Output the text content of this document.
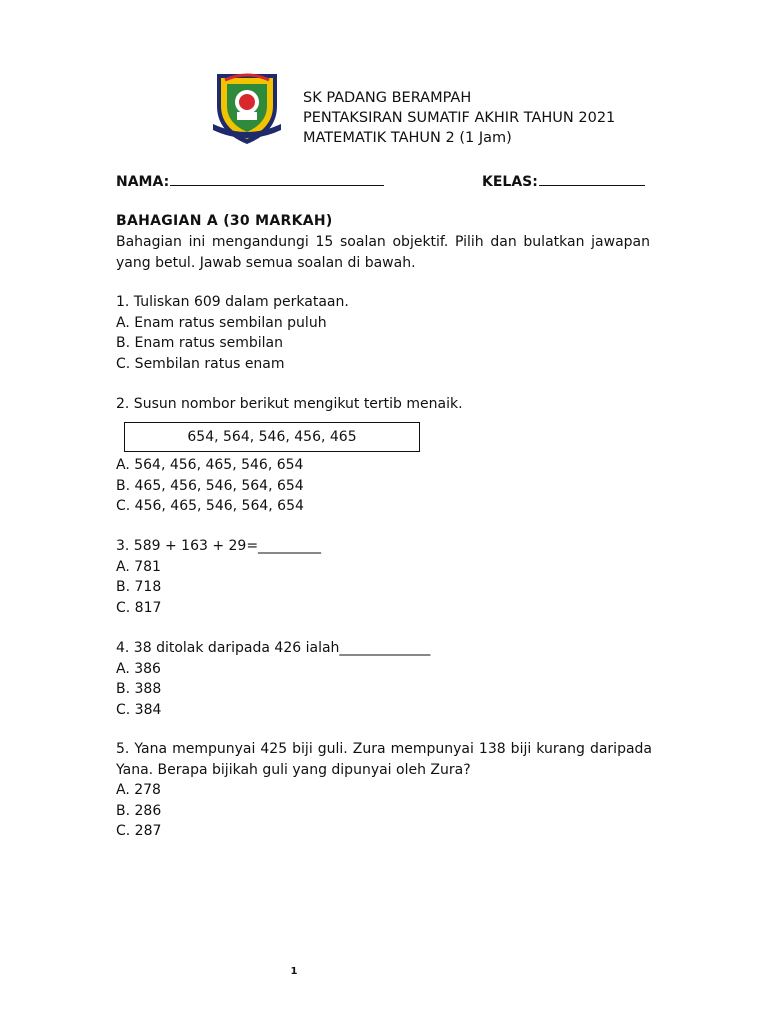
SK PADANG BERAMPAH
PENTAKSIRAN SUMATIF AKHIR TAHUN 2021
MATEMATIK TAHUN 2 (1 Jam)
NAMA:	KELAS:
BAHAGIAN A (30 MARKAH)
Bahagian ini mengandungi 15 soalan objektif. Pilih dan bulatkan jawapan yang betul. Jawab semua soalan di bawah.
1. Tuliskan 609 dalam perkataan.
A. Enam ratus sembilan puluh
B. Enam ratus sembilan
C. Sembilan ratus enam
2. Susun nombor berikut mengikut tertib menaik.
654, 564, 546, 456, 465
A. 564, 456, 465, 546, 654
B. 465, 456, 546, 564, 654
C. 456, 465, 546, 564, 654
3. 589 + 163 + 29=_________
A. 781
B. 718
C. 817
4. 38 ditolak daripada 426 ialah_____________
A. 386
B. 388
C. 384
5. Yana mempunyai 425 biji guli. Zura mempunyai 138 biji kurang daripada Yana. Berapa bijikah guli yang dipunyai oleh Zura?
A. 278
B. 286
C. 287
1
